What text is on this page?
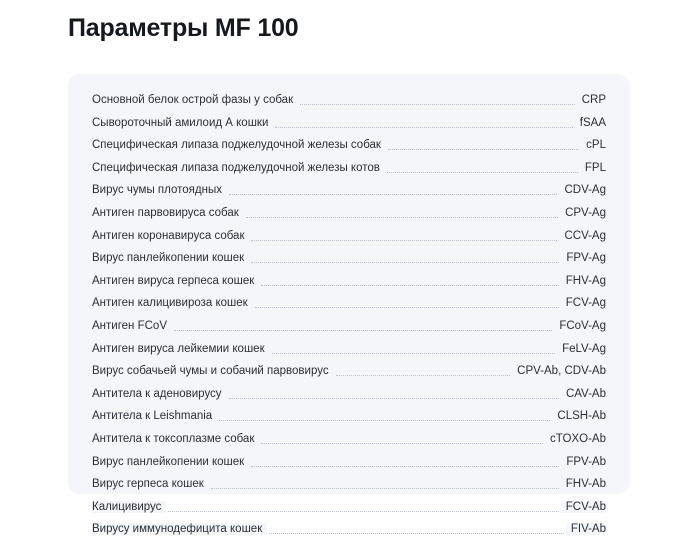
Параметры MF 100
Основной белок острой фазы у собак	CRP
Сывороточный амилоид А кошки	fSAA
Специфическая липаза поджелудочной железы собак	cPL
Специфическая липаза поджелудочной железы котов	FPL
Вирус чумы плотоядных	CDV-Ag
Антиген парвовируса собак	CPV-Ag
Антиген коронавируса собак	CCV-Ag
Вирус панлейкопении кошек	FPV-Ag
Антиген вируса герпеса кошек	FHV-Ag
Антиген калицивироза кошек	FCV-Ag
Антиген FCoV	FCoV-Ag
Антиген вируса лейкемии кошек	FeLV-Ag
Вирус собачьей чумы и собачий парвовирус	CPV-Ab, CDV-Ab
Антитела к аденовирусу	CAV-Ab
Антитела к Leishmania	CLSH-Ab
Антитела к токсоплазме собак	cTOXO-Ab
Вирус панлейкопении кошек	FPV-Ab
Вирус герпеса кошек	FHV-Ab
Калицивирус	FCV-Ab
Вирусу иммунодефицита кошек	FIV-Ab
